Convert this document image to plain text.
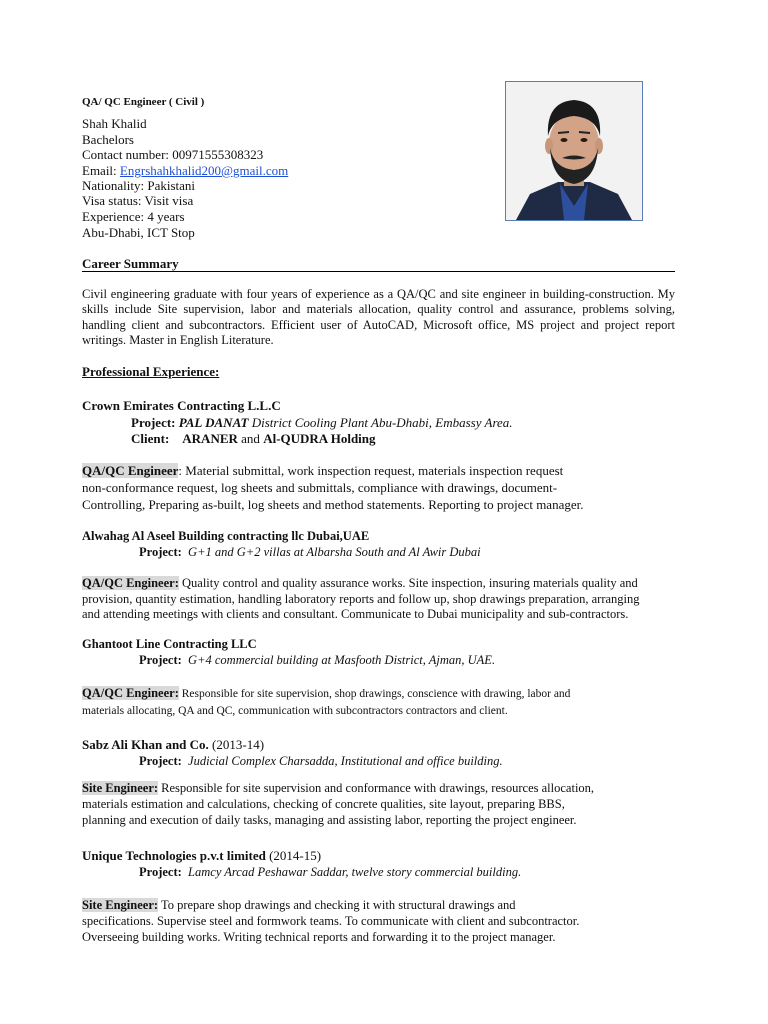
QA/ QC Engineer ( Civil )
Shah Khalid
Bachelors
Contact number: 00971555308323
Email: Engrshahkhalid200@gmail.com
Nationality: Pakistani
Visa status: Visit visa
Experience: 4 years
Abu-Dhabi, ICT Stop
Career Summary
Civil engineering graduate with four years of experience as a QA/QC and site engineer in building-construction. My skills include Site supervision, labor and materials allocation, quality control and assurance, problems solving, handling client and subcontractors. Efficient user of AutoCAD, Microsoft office, MS project and project report writings. Master in English Literature.
Professional Experience:
Crown Emirates Contracting L.L.C
Project: PAL DANAT District Cooling Plant Abu-Dhabi, Embassy Area.
Client: ARANER and Al-QUDRA Holding
QA/QC Engineer: Material submittal, work inspection request, materials inspection request
non-conformance request, log sheets and submittals, compliance with drawings, document-
Controlling, Preparing as-built, log sheets and method statements. Reporting to project manager.
Alwahag Al Aseel Building contracting llc Dubai,UAE
Project: G+1 and G+2 villas at Albarsha South and Al Awir Dubai
QA/QC Engineer: Quality control and quality assurance works. Site inspection, insuring materials quality and
provision, quantity estimation, handling laboratory reports and follow up, shop drawings preparation, arranging
and attending meetings with clients and consultant. Communicate to Dubai municipality and sub-contractors.
Ghantoot Line Contracting LLC
Project: G+4 commercial building at Masfooth District, Ajman, UAE.
QA/QC Engineer: Responsible for site supervision, shop drawings, conscience with drawing, labor and
materials allocating, QA and QC, communication with subcontractors contractors and client.
Sabz Ali Khan and Co. (2013-14)
Project: Judicial Complex Charsadda, Institutional and office building.
Site Engineer: Responsible for site supervision and conformance with drawings, resources allocation,
materials estimation and calculations, checking of concrete qualities, site layout, preparing BBS,
planning and execution of daily tasks, managing and assisting labor, reporting the project engineer.
Unique Technologies p.v.t limited (2014-15)
Project: Lamcy Arcad Peshawar Saddar, twelve story commercial building.
Site Engineer: To prepare shop drawings and checking it with structural drawings and
specifications. Supervise steel and formwork teams. To communicate with client and subcontractor.
Overseeing building works. Writing technical reports and forwarding it to the project manager.
